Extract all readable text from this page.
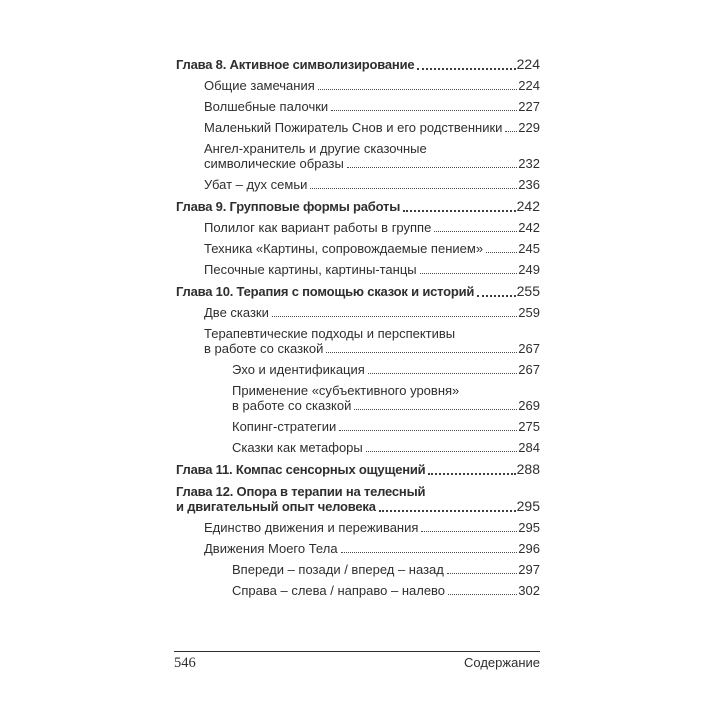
Глава 8. Активное символизирование	224
Общие замечания	224
Волшебные палочки	227
Маленький Пожиратель Снов и его родственники 229
Ангел-хранитель и другие сказочные
символические образы	232
Убат – дух семьи	236
Глава 9. Групповые формы работы	242
Полилог как вариант работы в группе	242
Техника «Картины, сопровождаемые пением»	245
Песочные картины, картины-танцы	249
Глава 10. Терапия с помощью сказок и историй	255
Две сказки	259
Терапевтические подходы и перспективы
в работе со сказкой	267
Эхо и идентификация	267
Применение «субъективного уровня»
в работе со сказкой	269
Копинг-стратегии	275
Сказки как метафоры	284
Глава 11. Компас сенсорных ощущений	288
Глава 12. Опора в терапии на телесный
и двигательный опыт человека	295
Единство движения и переживания	295
Движения Моего Тела	296
Впереди – позади / вперед – назад	297
Справа – слева / направо – налево	302
546	Содержание
